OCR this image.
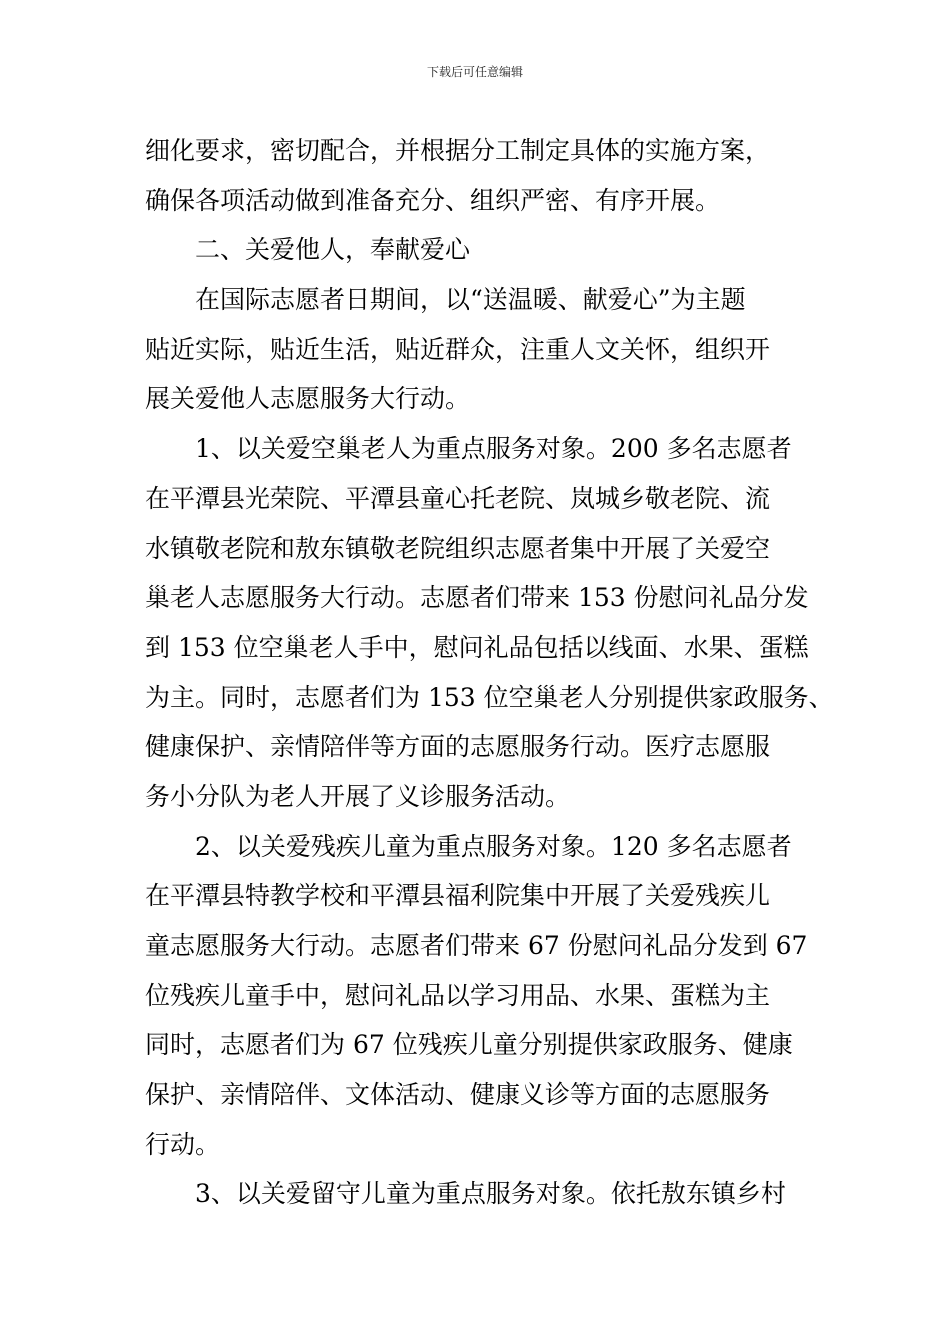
下载后可任意编辑
细化要求，密切配合，并根据分工制定具体的实施方案，
确保各项活动做到准备充分、组织严密、有序开展。
二、关爱他人，奉献爱心
在国际志愿者日期间，以“送温暖、献爱心”为主题
贴近实际，贴近生活，贴近群众，注重人文关怀，组织开
展关爱他人志愿服务大行动。
1、以关爱空巢老人为重点服务对象。200 多名志愿者
在平潭县光荣院、平潭县童心托老院、岚城乡敬老院、流
水镇敬老院和敖东镇敬老院组织志愿者集中开展了关爱空
巢老人志愿服务大行动。志愿者们带来 153 份慰问礼品分发
到 153 位空巢老人手中，慰问礼品包括以线面、水果、蛋糕
为主。同时，志愿者们为 153 位空巢老人分别提供家政服务、
健康保护、亲情陪伴等方面的志愿服务行动。医疗志愿服
务小分队为老人开展了义诊服务活动。
2、以关爱残疾儿童为重点服务对象。120 多名志愿者
在平潭县特教学校和平潭县福利院集中开展了关爱残疾儿
童志愿服务大行动。志愿者们带来 67 份慰问礼品分发到 67
位残疾儿童手中，慰问礼品以学习用品、水果、蛋糕为主
同时，志愿者们为 67 位残疾儿童分别提供家政服务、健康
保护、亲情陪伴、文体活动、健康义诊等方面的志愿服务
行动。
3、以关爱留守儿童为重点服务对象。依托敖东镇乡村
